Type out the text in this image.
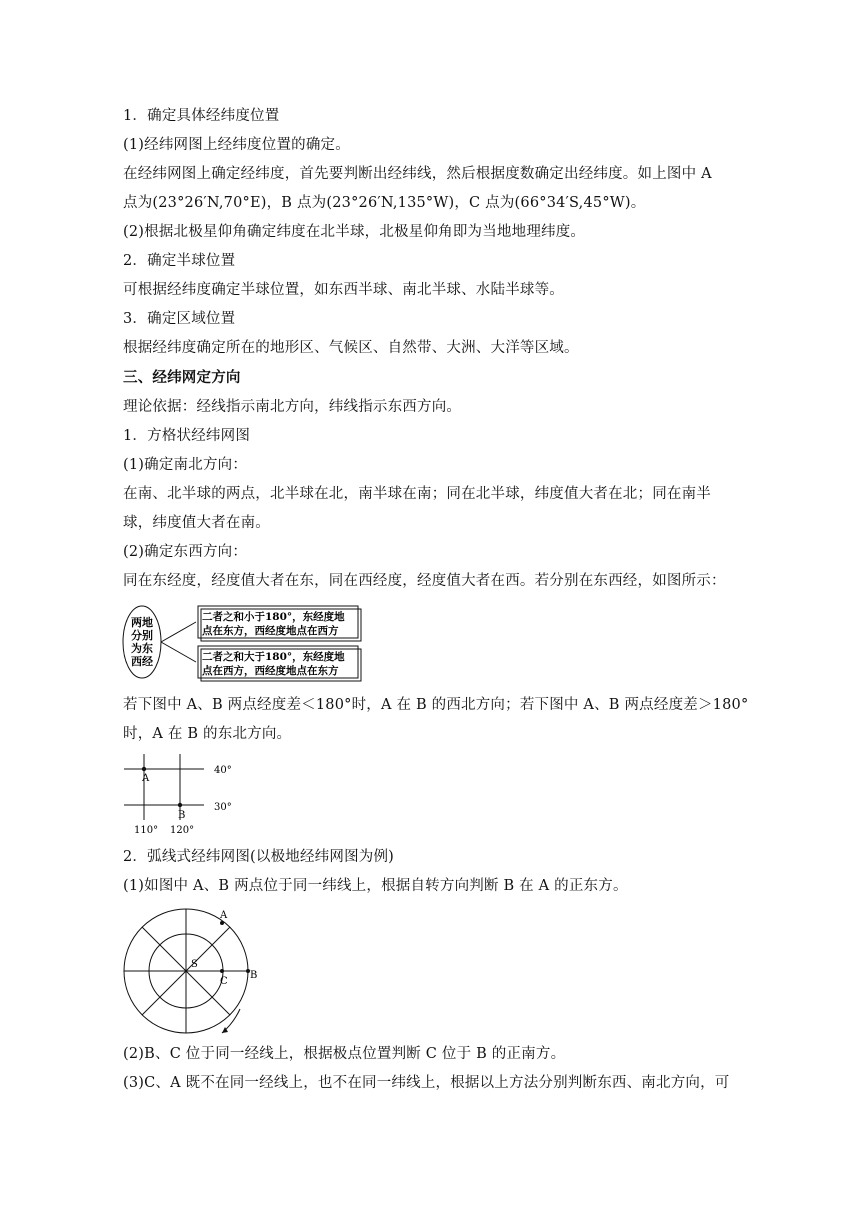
1．确定具体经纬度位置
(1)经纬网图上经纬度位置的确定。
在经纬网图上确定经纬度，首先要判断出经纬线，然后根据度数确定出经纬度。如上图中 A
点为(23°26′N,70°E)，B 点为(23°26′N,135°W)，C 点为(66°34′S,45°W)。
(2)根据北极星仰角确定纬度在北半球，北极星仰角即为当地地理纬度。
2．确定半球位置
可根据经纬度确定半球位置，如东西半球、南北半球、水陆半球等。
3．确定区域位置
根据经纬度确定所在的地形区、气候区、自然带、大洲、大洋等区域。
三、经纬网定方向
理论依据：经线指示南北方向，纬线指示东西方向。
1．方格状经纬网图
(1)确定南北方向：
在南、北半球的两点，北半球在北，南半球在南；同在北半球，纬度值大者在北；同在南半
球，纬度值大者在南。
(2)确定东西方向：
同在东经度，经度值大者在东，同在西经度，经度值大者在西。若分别在东西经，如图所示：
两地
分别
为东
西经
二者之和小于180°，东经度地
点在东方，西经度地点在西方
二者之和大于180°，东经度地
点在西方，西经度地点在东方
若下图中 A、B 两点经度差＜180°时，A 在 B 的西北方向；若下图中 A、B 两点经度差＞180°
时，A 在 B 的东北方向。
A
B
40°
30°
110° 120°
2．弧线式经纬网图(以极地经纬网图为例)
(1)如图中 A、B 两点位于同一纬线上，根据自转方向判断 B 在 A 的正东方。
A
B
C
S
(2)B、C 位于同一经线上，根据极点位置判断 C 位于 B 的正南方。
(3)C、A 既不在同一经线上，也不在同一纬线上，根据以上方法分别判断东西、南北方向，可
